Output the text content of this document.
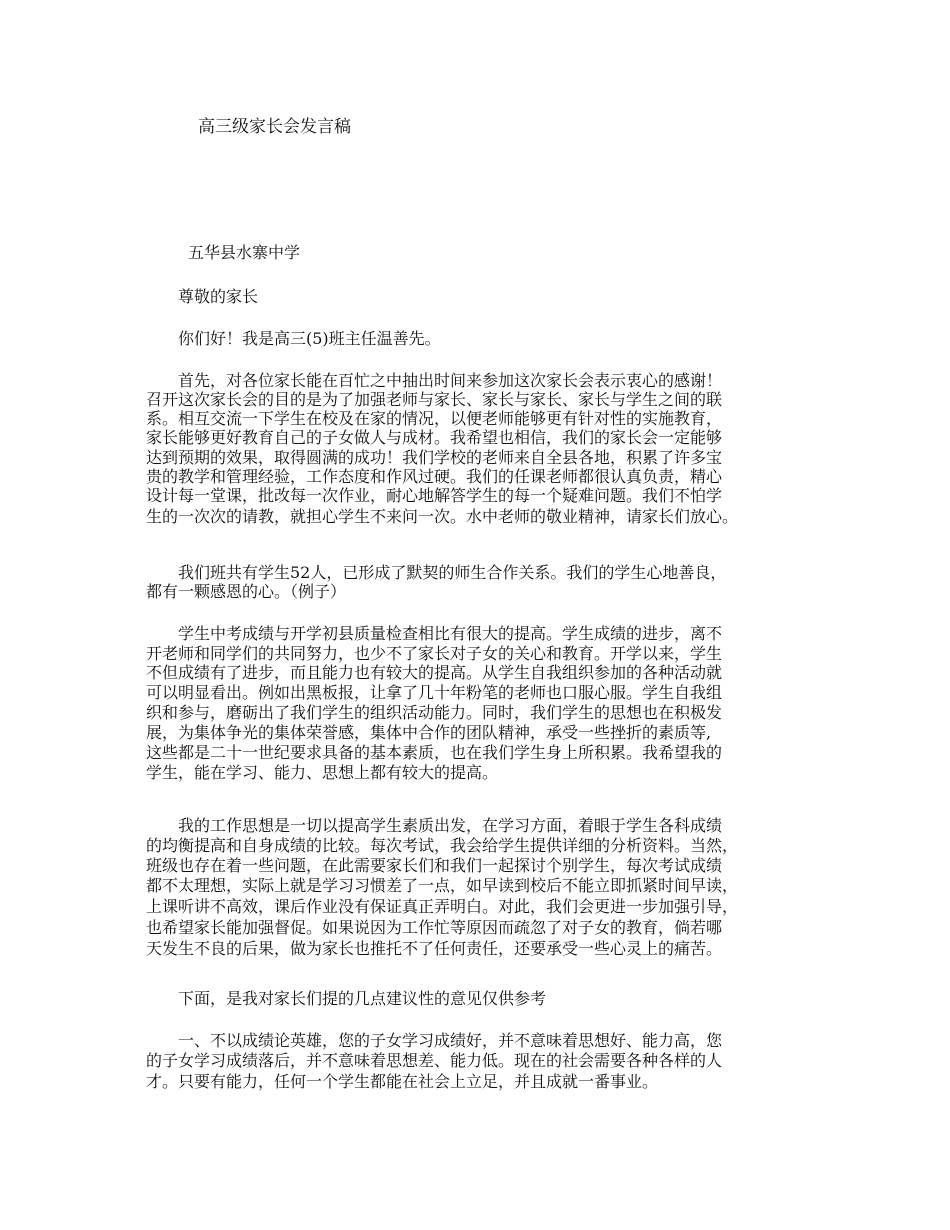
高三级家长会发言稿
五华县水寨中学
尊敬的家长
你们好！我是高三(5)班主任温善先。
首先，对各位家长能在百忙之中抽出时间来参加这次家长会表示衷心的感谢！
召开这次家长会的目的是为了加强老师与家长、家长与家长、家长与学生之间的联
系。相互交流一下学生在校及在家的情况，以便老师能够更有针对性的实施教育，
家长能够更好教育自己的子女做人与成材。我希望也相信，我们的家长会一定能够
达到预期的效果，取得圆满的成功！我们学校的老师来自全县各地，积累了许多宝
贵的教学和管理经验，工作态度和作风过硬。我们的任课老师都很认真负责，精心
设计每一堂课，批改每一次作业，耐心地解答学生的每一个疑难问题。我们不怕学
生的一次次的请教，就担心学生不来问一次。水中老师的敬业精神，请家长们放心。
我们班共有学生52人，已形成了默契的师生合作关系。我们的学生心地善良，
都有一颗感恩的心。（例子）
学生中考成绩与开学初县质量检查相比有很大的提高。学生成绩的进步，离不
开老师和同学们的共同努力，也少不了家长对子女的关心和教育。开学以来，学生
不但成绩有了进步，而且能力也有较大的提高。从学生自我组织参加的各种活动就
可以明显看出。例如出黑板报，让拿了几十年粉笔的老师也口服心服。学生自我组
织和参与，磨砺出了我们学生的组织活动能力。同时，我们学生的思想也在积极发
展，为集体争光的集体荣誉感，集体中合作的团队精神，承受一些挫折的素质等,
这些都是二十一世纪要求具备的基本素质，也在我们学生身上所积累。我希望我的
学生，能在学习、能力、思想上都有较大的提高。
我的工作思想是一切以提高学生素质出发，在学习方面，着眼于学生各科成绩
的均衡提高和自身成绩的比较。每次考试，我会给学生提供详细的分析资料。当然，
班级也存在着一些问题，在此需要家长们和我们一起探讨个别学生，每次考试成绩
都不太理想，实际上就是学习习惯差了一点，如早读到校后不能立即抓紧时间早读，
上课听讲不高效，课后作业没有保证真正弄明白。对此，我们会更进一步加强引导，
也希望家长能加强督促。如果说因为工作忙等原因而疏忽了对子女的教育，倘若哪
天发生不良的后果，做为家长也推托不了任何责任，还要承受一些心灵上的痛苦。
下面，是我对家长们提的几点建议性的意见仅供参考
一、不以成绩论英雄，您的子女学习成绩好，并不意味着思想好、能力高，您
的子女学习成绩落后，并不意味着思想差、能力低。现在的社会需要各种各样的人
才。只要有能力，任何一个学生都能在社会上立足，并且成就一番事业。
